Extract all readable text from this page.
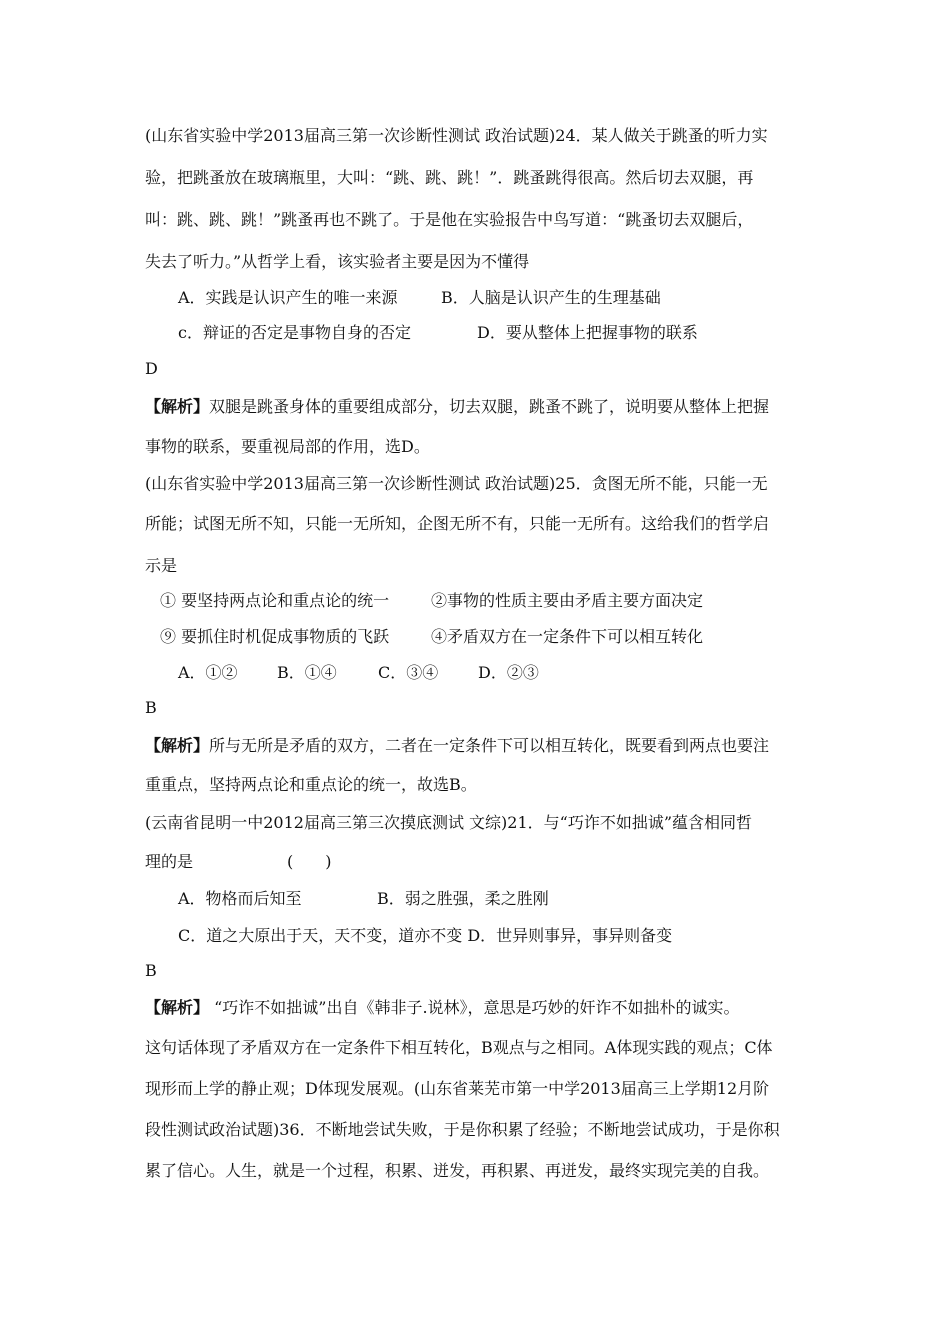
(山东省实验中学2013届高三第一次诊断性测试 政治试题)24．某人做关于跳蚤的听力实
验，把跳蚤放在玻璃瓶里，大叫：“跳、跳、跳！”．跳蚤跳得很高。然后切去双腿，再
叫：跳、跳、跳！”跳蚤再也不跳了。于是他在实验报告中鸟写道：“跳蚤切去双腿后，
失去了听力。”从哲学上看，该实验者主要是因为不懂得
A．实践是认识产生的唯一来源	B．人脑是认识产生的生理基础
c．辩证的否定是事物自身的否定	D．要从整体上把握事物的联系
D
【解析】双腿是跳蚤身体的重要组成部分，切去双腿，跳蚤不跳了，说明要从整体上把握
事物的联系，要重视局部的作用，选D。
(山东省实验中学2013届高三第一次诊断性测试 政治试题)25．贪图无所不能，只能一无
所能；试图无所不知，只能一无所知，企图无所不有，只能一无所有。这给我们的哲学启
示是
① 要坚持两点论和重点论的统一	②事物的性质主要由矛盾主要方面决定
⑨ 要抓住时机促成事物质的飞跃	④矛盾双方在一定条件下可以相互转化
A．①② B．①④	C．③④ D．②③
B
【解析】所与无所是矛盾的双方，二者在一定条件下可以相互转化，既要看到两点也要注
重重点，坚持两点论和重点论的统一，故选B。
(云南省昆明一中2012届高三第三次摸底测试 文综)21．与“巧诈不如拙诚”蕴含相同哲
理的是	(　　)
A．物格而后知至	B．弱之胜强，柔之胜刚
C．道之大原出于天，天不变，道亦不变 D．世异则事异，事异则备变
B
【解析】 “巧诈不如拙诚”出自《韩非子.说林》，意思是巧妙的奸诈不如拙朴的诚实。
这句话体现了矛盾双方在一定条件下相互转化，B观点与之相同。A体现实践的观点；C体
现形而上学的静止观；D体现发展观。(山东省莱芜市第一中学2013届高三上学期12月阶
段性测试政治试题)36．不断地尝试失败，于是你积累了经验；不断地尝试成功，于是你积
累了信心。人生，就是一个过程，积累、迸发，再积累、再迸发，最终实现完美的自我。
